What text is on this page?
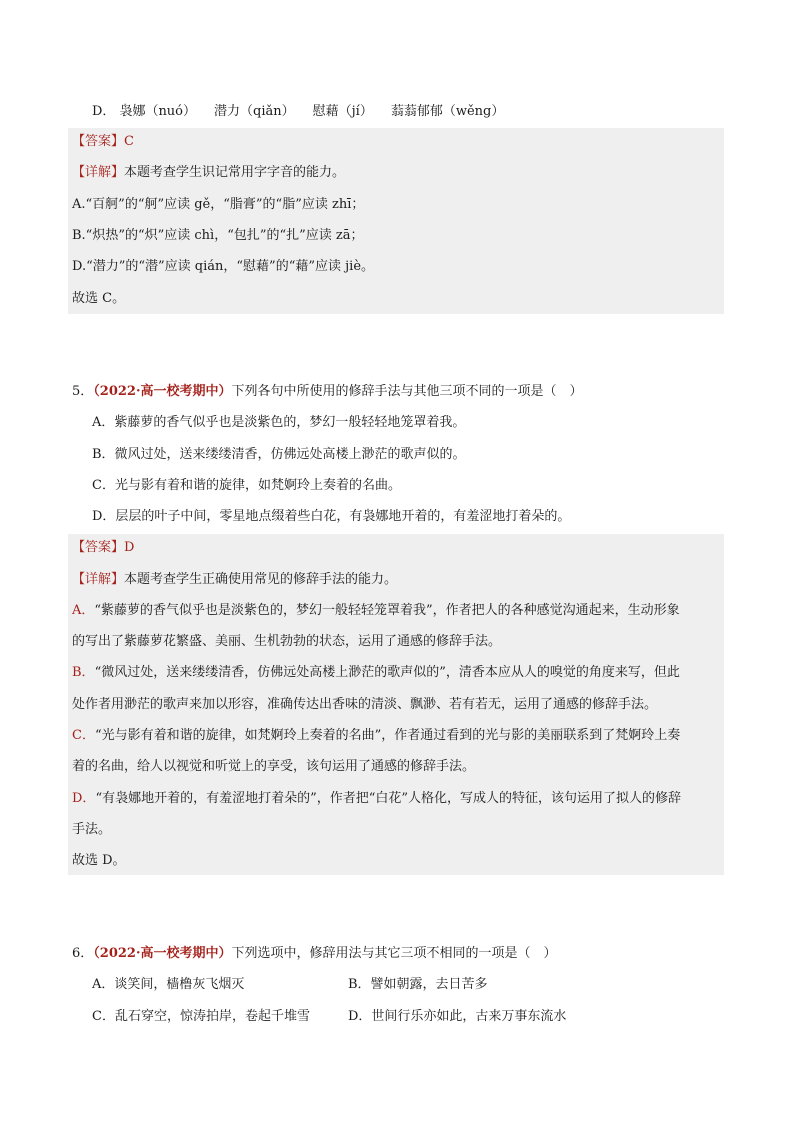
D． 袅娜（nuó） 潜力（qiǎn） 慰藉（jí） 蓊蓊郁郁（wěng）
【答案】C
【详解】本题考查学生识记常用字字音的能力。
A.“百舸”的“舸”应读 gě，“脂膏”的“脂”应读 zhī；
B.“炽热”的“炽”应读 chì，“包扎”的“扎”应读 zā；
D.“潜力”的“潜”应读 qián，“慰藉”的“藉”应读 jiè。
故选 C。
5．（2022·高一校考期中）下列各句中所使用的修辞手法与其他三项不同的一项是（　）
A．紫藤萝的香气似乎也是淡紫色的，梦幻一般轻轻地笼罩着我。
B．微风过处，送来缕缕清香，仿佛远处高楼上渺茫的歌声似的。
C．光与影有着和谐的旋律，如梵婀玲上奏着的名曲。
D．层层的叶子中间，零星地点缀着些白花，有袅娜地开着的，有羞涩地打着朵的。
【答案】D
【详解】本题考查学生正确使用常见的修辞手法的能力。
A．“紫藤萝的香气似乎也是淡紫色的，梦幻一般轻轻笼罩着我”，作者把人的各种感觉沟通起来，生动形象
的写出了紫藤萝花繁盛、美丽、生机勃勃的状态，运用了通感的修辞手法。
B．“微风过处，送来缕缕清香，仿佛远处高楼上渺茫的歌声似的”，清香本应从人的嗅觉的角度来写，但此
处作者用渺茫的歌声来加以形容，准确传达出香味的清淡、飘渺、若有若无，运用了通感的修辞手法。
C．“光与影有着和谐的旋律，如梵婀玲上奏着的名曲”，作者通过看到的光与影的美丽联系到了梵婀玲上奏
着的名曲，给人以视觉和听觉上的享受，该句运用了通感的修辞手法。
D．“有袅娜地开着的，有羞涩地打着朵的”，作者把“白花”人格化，写成人的特征，该句运用了拟人的修辞
手法。
故选 D。
6．（2022·高一校考期中）下列选项中，修辞用法与其它三项不相同的一项是（　）
A．谈笑间，樯橹灰飞烟灭	B．譬如朝露，去日苦多
C．乱石穿空，惊涛拍岸，卷起千堆雪	D．世间行乐亦如此，古来万事东流水
